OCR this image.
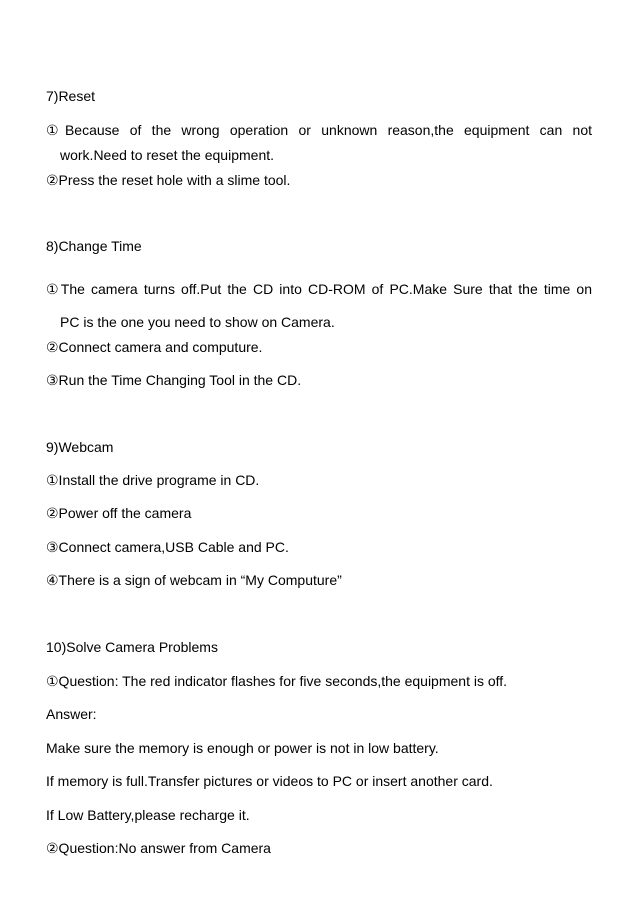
7)Reset
①Because of the wrong operation or unknown reason,the equipment can not
work.Need to reset the equipment.
②Press the reset hole with a slime tool.
8)Change Time
①The camera turns off.Put the CD into CD-ROM of PC.Make Sure that the time on
PC is the one you need to show on Camera.
②Connect camera and computure.
③Run the Time Changing Tool in the CD.
9)Webcam
①Install the drive programe in CD.
②Power off the camera
③Connect camera,USB Cable and PC.
④There is a sign of webcam in “My Computure”
10)Solve Camera Problems
①Question: The red indicator flashes for five seconds,the equipment is off.
Answer:
Make sure the memory is enough or power is not in low battery.
If memory is full.Transfer pictures or videos to PC or insert another card.
If Low Battery,please recharge it.
②Question:No answer from Camera
